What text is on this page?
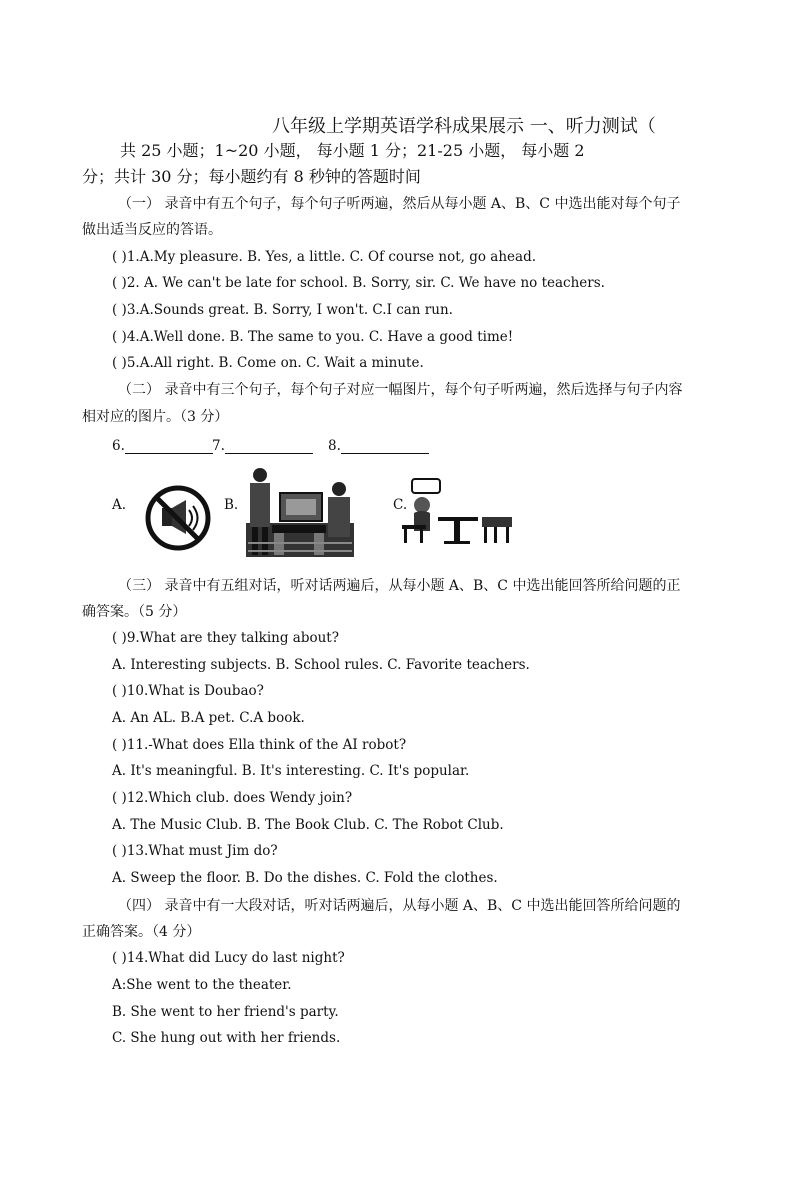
八年级上学期英语学科成果展示 一、听力测试（
共 25 小题；1~20 小题， 每小题 1 分；21-25 小题， 每小题 2
分；共计 30 分；每小题约有 8 秒钟的答题时间
（一） 录音中有五个句子，每个句子听两遍，然后从每小题 A、B、C 中选出能对每个句子
做出适当反应的答语。
( )1.A.My pleasure. B. Yes, a little. C. Of course not, go ahead.
( )2. A. We can't be late for school. B. Sorry, sir. C. We have no teachers.
( )3.A.Sounds great. B. Sorry, I won't. C.I can run.
( )4.A.Well done. B. The same to you. C. Have a good time!
( )5.A.All right. B. Come on. C. Wait a minute.
（二） 录音中有三个句子，每个句子对应一幅图片，每个句子听两遍，然后选择与句子内容
相对应的图片。（3 分）
6.	7.	8.
A.	B.	C.
（三） 录音中有五组对话，听对话两遍后，从每小题 A、B、C 中选出能回答所给问题的正
确答案。（5 分）
( )9.What are they talking about?
A. Interesting subjects. B. School rules. C. Favorite teachers.
( )10.What is Doubao?
A. An AL. B.A pet. C.A book.
( )11.-What does Ella think of the AI robot?
A. It's meaningful. B. It's interesting. C. It's popular.
( )12.Which club. does Wendy join?
A. The Music Club. B. The Book Club. C. The Robot Club.
( )13.What must Jim do?
A. Sweep the floor. B. Do the dishes. C. Fold the clothes.
（四） 录音中有一大段对话，听对话两遍后，从每小题 A、B、C 中选出能回答所给问题的
正确答案。（4 分）
( )14.What did Lucy do last night?
A:She went to the theater.
B. She went to her friend's party.
C. She hung out with her friends.
